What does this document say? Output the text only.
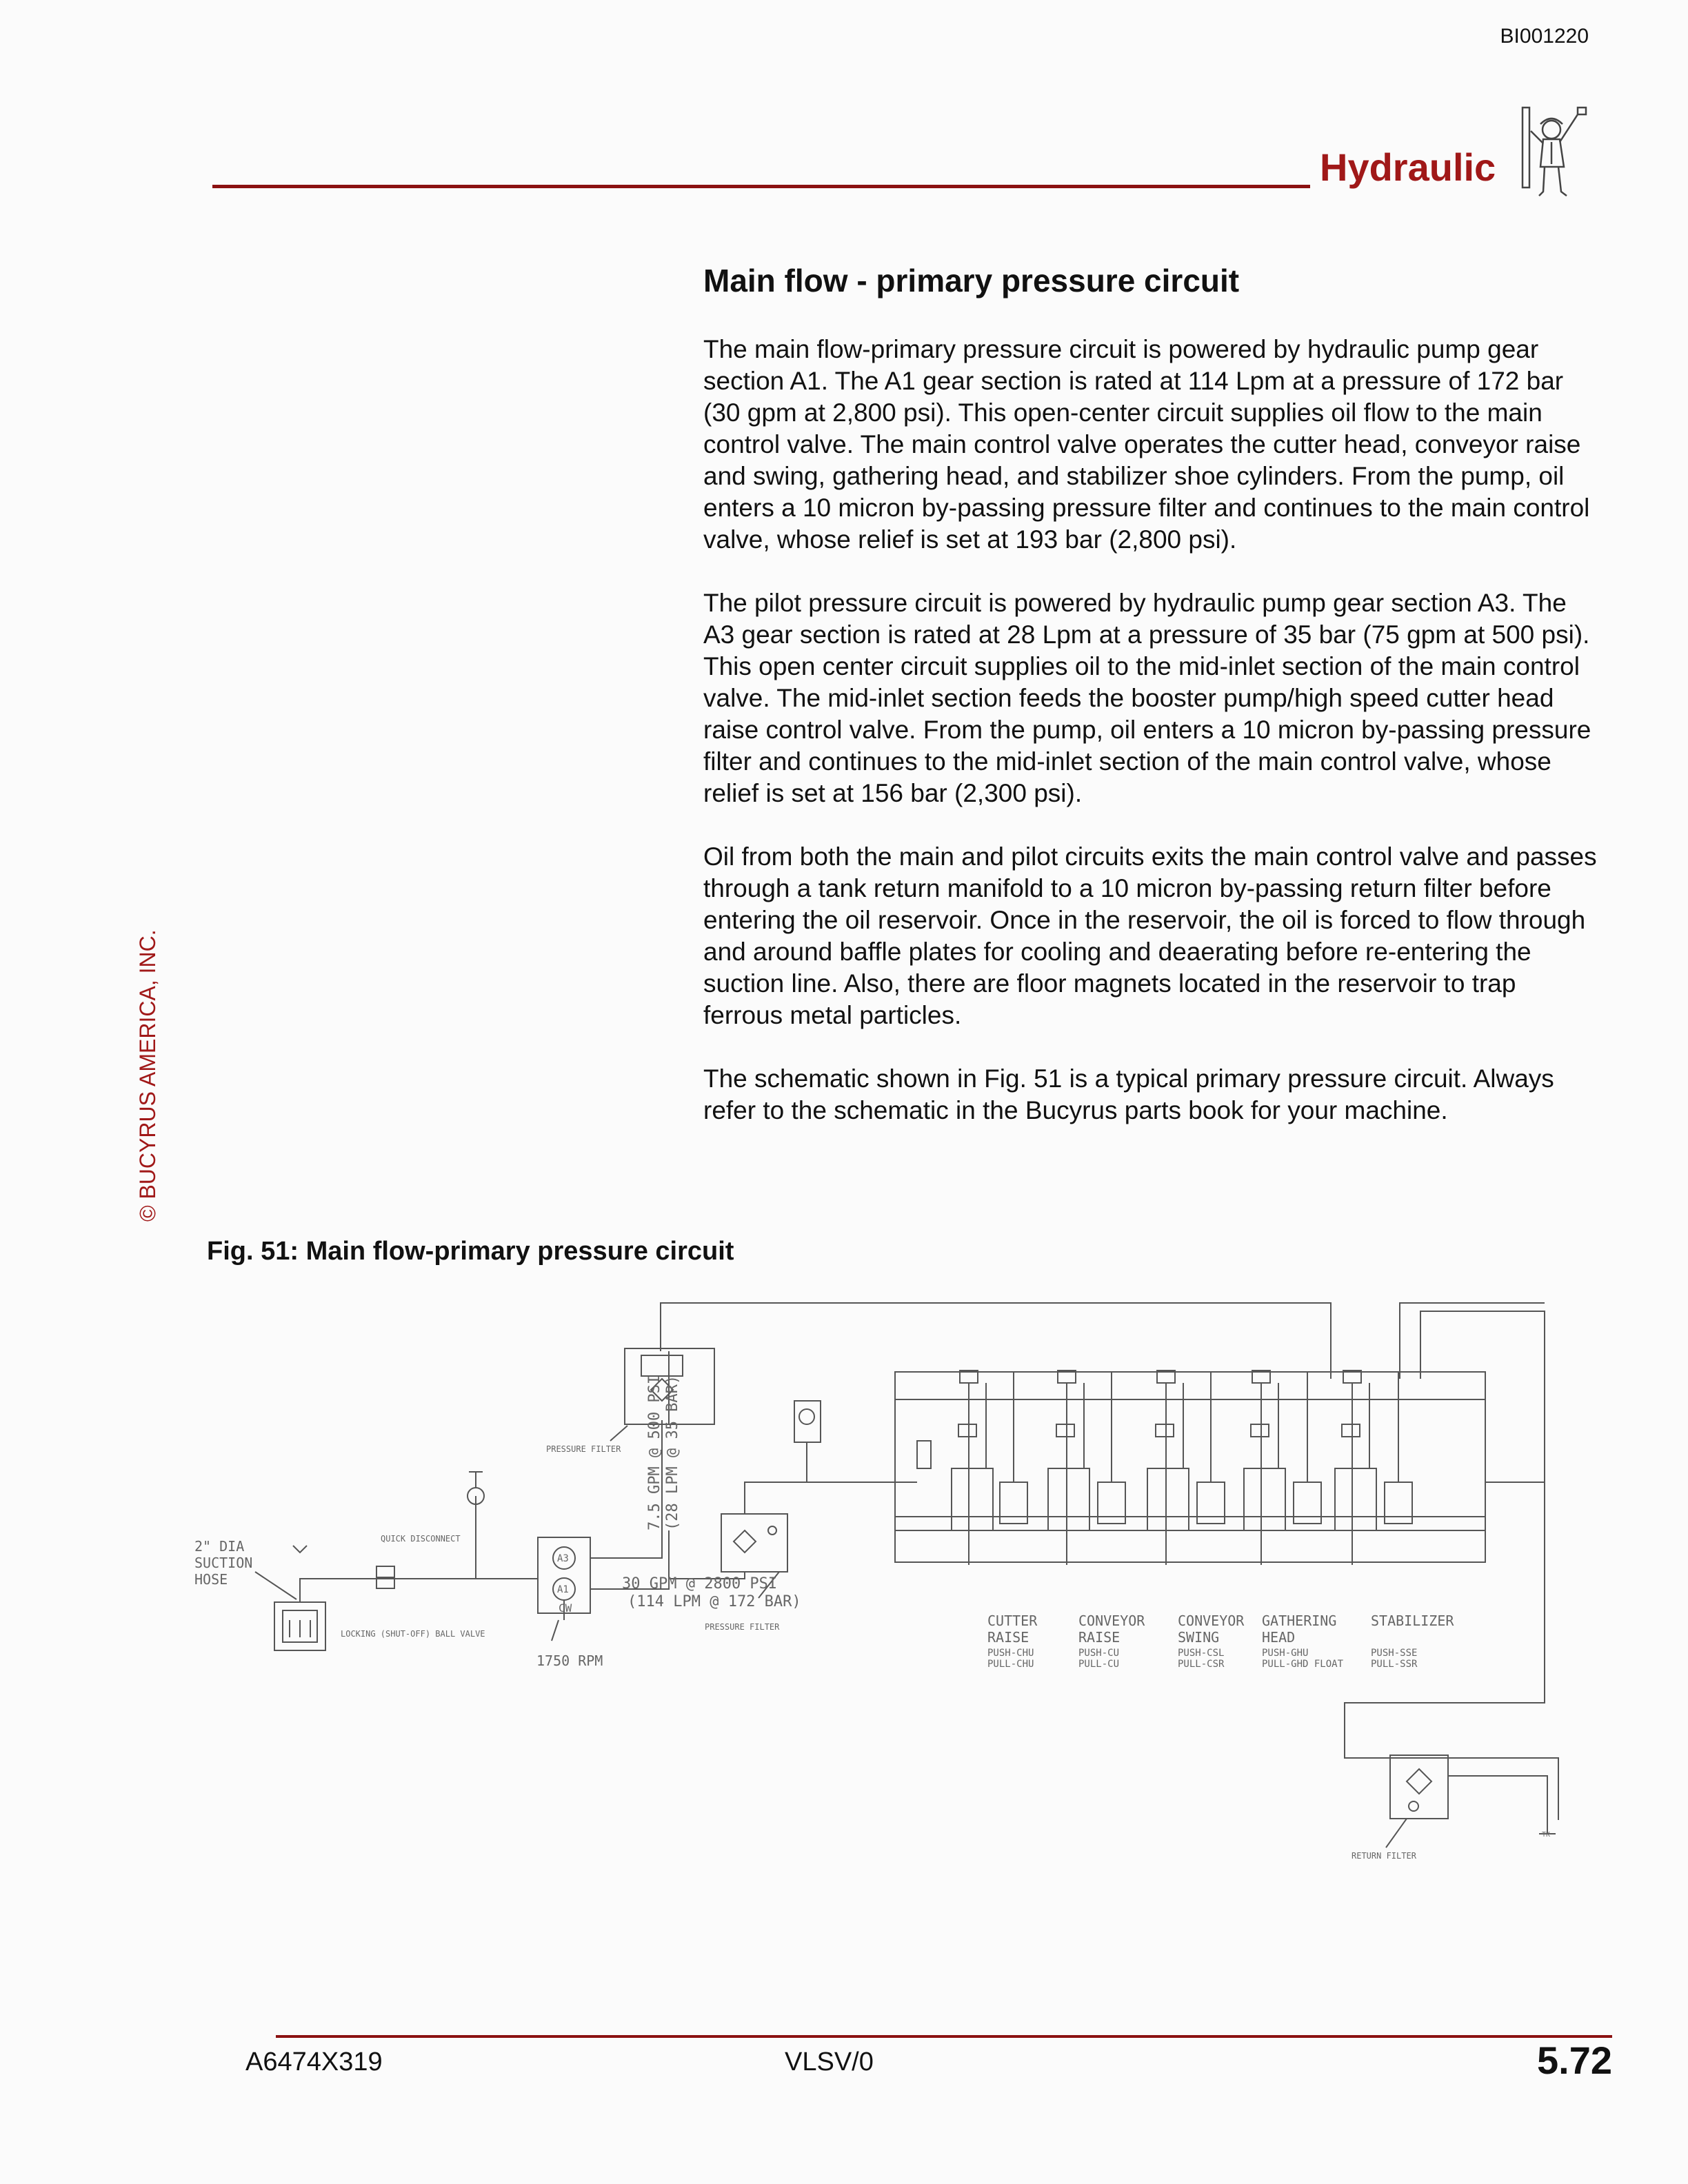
BI001220
Hydraulic
© BUCYRUS AMERICA, INC.
Main flow - primary pressure circuit

The main flow-primary pressure circuit is powered by hydraulic pump gear section A1. The A1 gear section is rated at 114 Lpm at a pressure of 172 bar (30 gpm at 2,800 psi). This open-center circuit supplies oil flow to the main control valve. The main control valve operates the cutter head, conveyor raise and swing, gathering head, and stabilizer shoe cylinders. From the pump, oil enters a 10 micron by-passing pressure filter and continues to the main control valve, whose relief is set at 193 bar (2,800 psi).

The pilot pressure circuit is powered by hydraulic pump gear section A3. The A3 gear section is rated at 28 Lpm at a pressure of 35 bar (75 gpm at 500 psi). This open center circuit supplies oil to the mid-inlet section of the main control valve. The mid-inlet section feeds the booster pump/high speed cutter head raise control valve. From the pump, oil enters a 10 micron by-passing pressure filter and continues to the mid-inlet section of the main control valve, whose relief is set at 156 bar (2,300 psi).

Oil from both the main and pilot circuits exits the main control valve and passes through a tank return manifold to a 10 micron by-passing return filter before entering the oil reservoir. Once in the reservoir, the oil is forced to flow through and around baffle plates for cooling and deaerating before re-entering the suction line. Also, there are floor magnets located in the reservoir to trap ferrous metal particles.

The schematic shown in Fig. 51 is a typical primary pressure circuit. Always refer to the schematic in the Bucyrus parts book for your machine.

Fig. 51: Main flow-primary pressure circuit
2" DIA
SUCTION
HOSE
LOCKING (SHUT-OFF) BALL VALVE
QUICK DISCONNECT
PRESSURE FILTER
PRESSURE FILTER
30 GPM @ 2800 PSI
(114 LPM @ 172 BAR)
7.5 GPM @ 500 PSI (28 LPM @ 35 BAR)
A3
A1
CW
1750 RPM
RETURN FILTER
TK
CUTTER
RAISE
PUSH-CHU
PULL-CHU
CONVEYOR
RAISE
PUSH-CU
PULL-CU
CONVEYOR
SWING
PUSH-CSL
PULL-CSR
GATHERING
HEAD
PUSH-GHU
PULL-GHD FLOAT
STABILIZER
PUSH-SSE
PULL-SSR
A6474X319	VLSV/0	5.72
